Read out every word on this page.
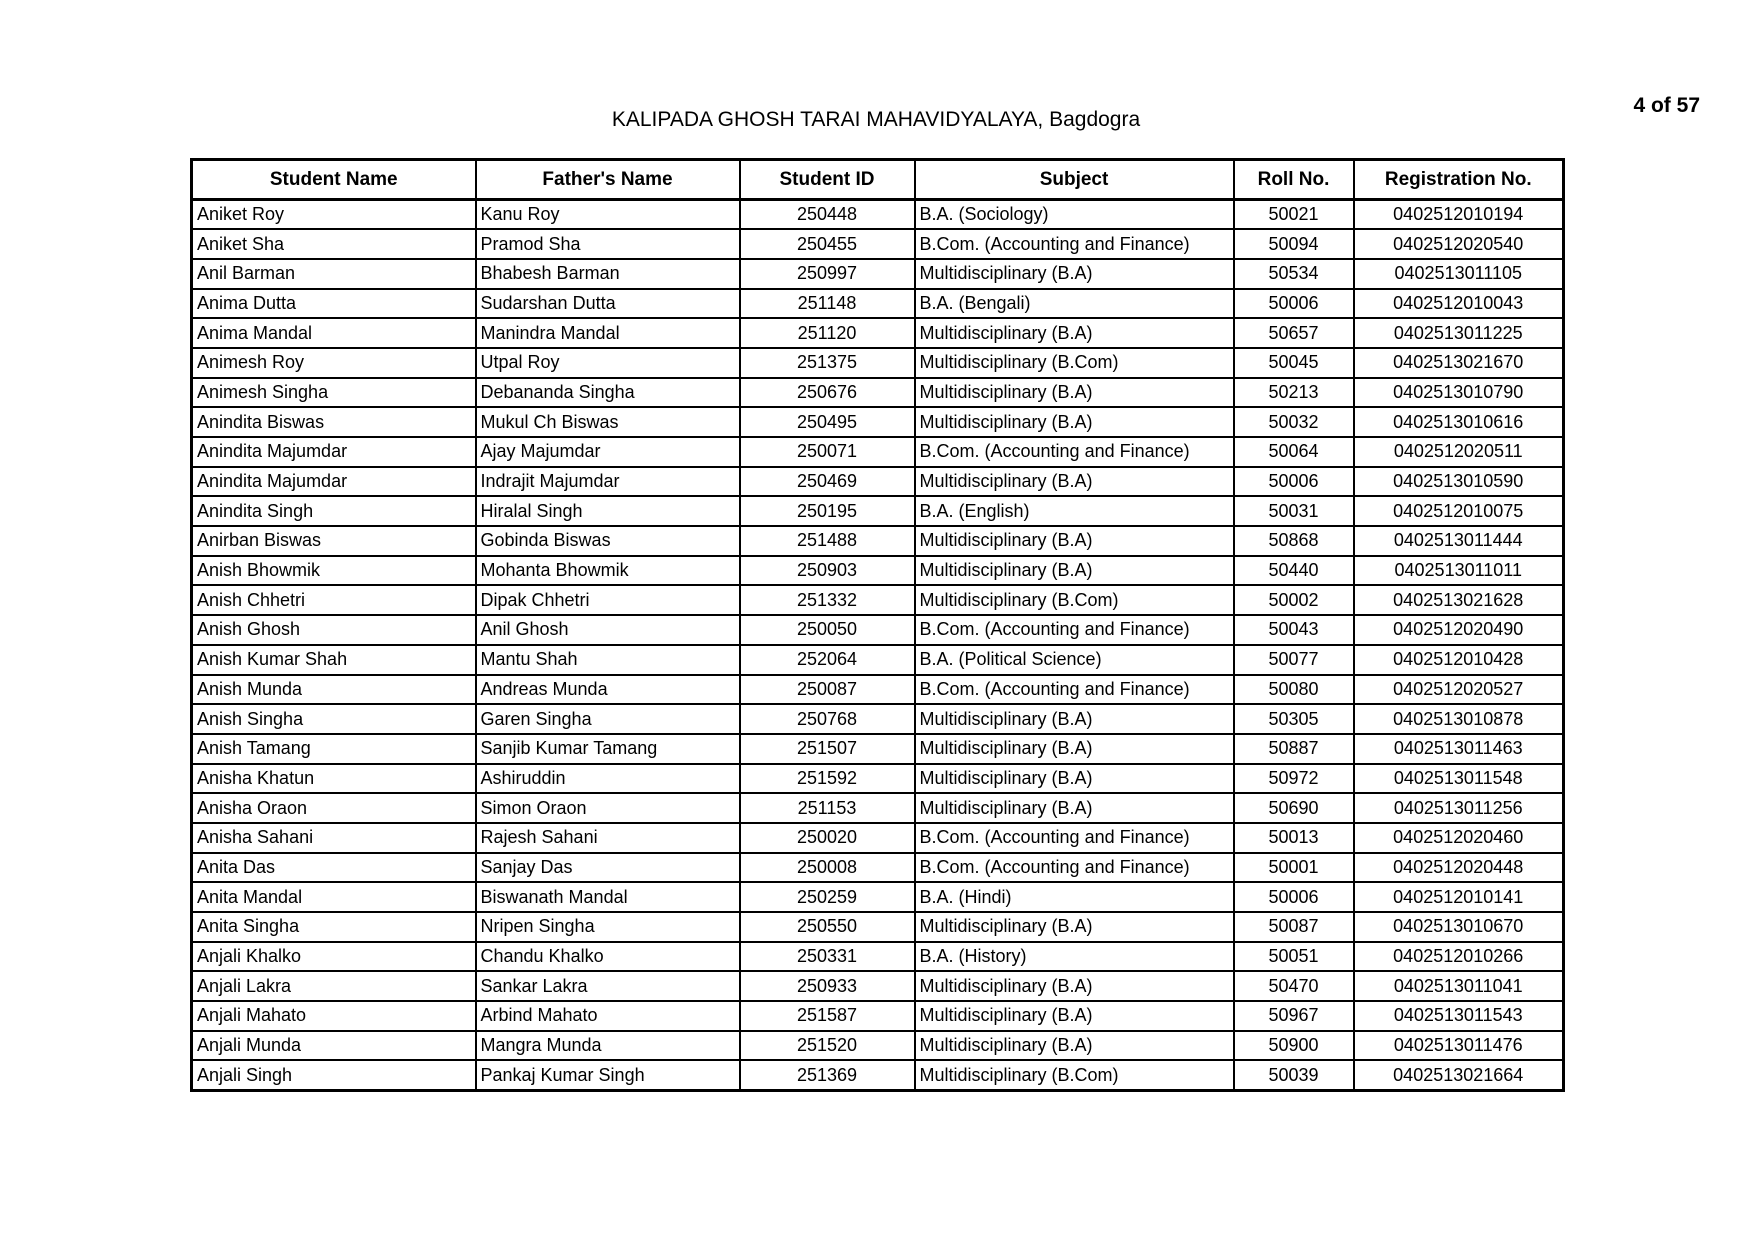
4 of 57
KALIPADA GHOSH TARAI MAHAVIDYALAYA, Bagdogra
Student Name	Father's Name	Student ID	Subject	Roll No.	Registration No.
Aniket Roy	Kanu Roy	250448	B.A. (Sociology)	50021	0402512010194
Aniket Sha	Pramod Sha	250455	B.Com. (Accounting and Finance)	50094	0402512020540
Anil Barman	Bhabesh Barman	250997	Multidisciplinary (B.A)	50534	0402513011105
Anima Dutta	Sudarshan Dutta	251148	B.A. (Bengali)	50006	0402512010043
Anima Mandal	Manindra Mandal	251120	Multidisciplinary (B.A)	50657	0402513011225
Animesh Roy	Utpal Roy	251375	Multidisciplinary (B.Com)	50045	0402513021670
Animesh Singha	Debananda Singha	250676	Multidisciplinary (B.A)	50213	0402513010790
Anindita Biswas	Mukul Ch Biswas	250495	Multidisciplinary (B.A)	50032	0402513010616
Anindita Majumdar	Ajay Majumdar	250071	B.Com. (Accounting and Finance)	50064	0402512020511
Anindita Majumdar	Indrajit Majumdar	250469	Multidisciplinary (B.A)	50006	0402513010590
Anindita Singh	Hiralal Singh	250195	B.A. (English)	50031	0402512010075
Anirban Biswas	Gobinda Biswas	251488	Multidisciplinary (B.A)	50868	0402513011444
Anish Bhowmik	Mohanta Bhowmik	250903	Multidisciplinary (B.A)	50440	0402513011011
Anish Chhetri	Dipak Chhetri	251332	Multidisciplinary (B.Com)	50002	0402513021628
Anish Ghosh	Anil Ghosh	250050	B.Com. (Accounting and Finance)	50043	0402512020490
Anish Kumar Shah	Mantu Shah	252064	B.A. (Political Science)	50077	0402512010428
Anish Munda	Andreas Munda	250087	B.Com. (Accounting and Finance)	50080	0402512020527
Anish Singha	Garen Singha	250768	Multidisciplinary (B.A)	50305	0402513010878
Anish Tamang	Sanjib Kumar Tamang	251507	Multidisciplinary (B.A)	50887	0402513011463
Anisha Khatun	Ashiruddin	251592	Multidisciplinary (B.A)	50972	0402513011548
Anisha Oraon	Simon Oraon	251153	Multidisciplinary (B.A)	50690	0402513011256
Anisha Sahani	Rajesh Sahani	250020	B.Com. (Accounting and Finance)	50013	0402512020460
Anita Das	Sanjay Das	250008	B.Com. (Accounting and Finance)	50001	0402512020448
Anita Mandal	Biswanath Mandal	250259	B.A. (Hindi)	50006	0402512010141
Anita Singha	Nripen Singha	250550	Multidisciplinary (B.A)	50087	0402513010670
Anjali Khalko	Chandu Khalko	250331	B.A. (History)	50051	0402512010266
Anjali Lakra	Sankar Lakra	250933	Multidisciplinary (B.A)	50470	0402513011041
Anjali Mahato	Arbind Mahato	251587	Multidisciplinary (B.A)	50967	0402513011543
Anjali Munda	Mangra Munda	251520	Multidisciplinary (B.A)	50900	0402513011476
Anjali Singh	Pankaj Kumar Singh	251369	Multidisciplinary (B.Com)	50039	0402513021664
